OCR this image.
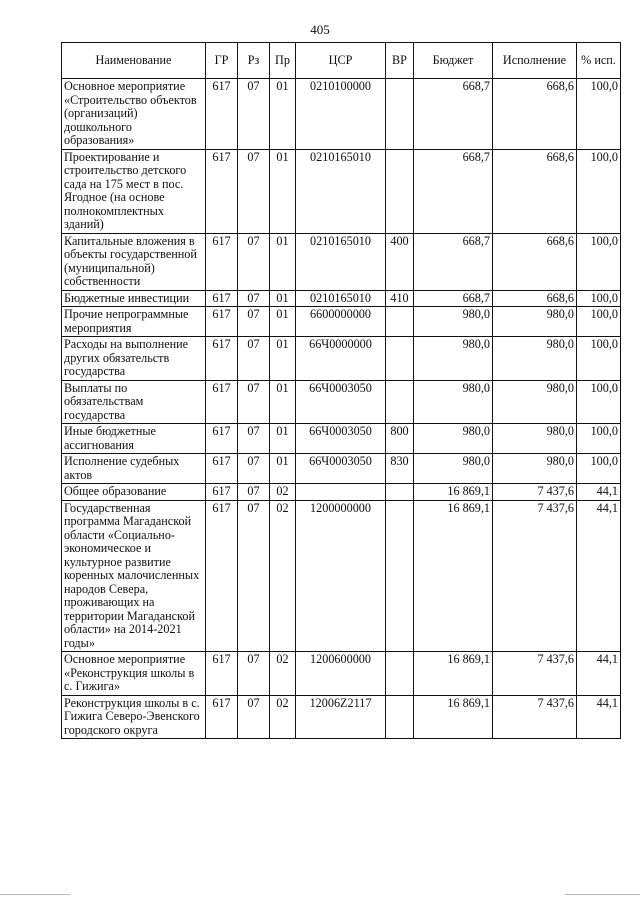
405
Наименование	ГР	Рз	Пр	ЦСР	ВР	Бюджет	Исполнение	% исп.
Основное мероприятие «Строительство объектов (организаций) дошкольного образования»	617	07	01	0210100000		668,7	668,6	100,0
Проектирование и строительство детского сада на 175 мест в пос. Ягодное (на основе полнокомплектных зданий)	617	07	01	0210165010		668,7	668,6	100,0
Капитальные вложения в объекты государственной (муниципальной) собственности	617	07	01	0210165010	400	668,7	668,6	100,0
Бюджетные инвестиции	617	07	01	0210165010	410	668,7	668,6	100,0
Прочие непрограммные мероприятия	617	07	01	6600000000		980,0	980,0	100,0
Расходы на выполнение других обязательств государства	617	07	01	66Ч0000000		980,0	980,0	100,0
Выплаты по обязательствам государства	617	07	01	66Ч0003050		980,0	980,0	100,0
Иные бюджетные ассигнования	617	07	01	66Ч0003050	800	980,0	980,0	100,0
Исполнение судебных актов	617	07	01	66Ч0003050	830	980,0	980,0	100,0
Общее образование	617	07	02			16 869,1	7 437,6	44,1
Государственная программа Магаданской области «Социально-экономическое и культурное развитие коренных малочисленных народов Севера, проживающих на территории Магаданской области» на 2014-2021 годы»	617	07	02	1200000000		16 869,1	7 437,6	44,1
Основное мероприятие «Реконструкция школы в с. Гижига»	617	07	02	1200600000		16 869,1	7 437,6	44,1
Реконструкция школы в с. Гижига Северо-Эвенского городского округа	617	07	02	12006Z2117		16 869,1	7 437,6	44,1
